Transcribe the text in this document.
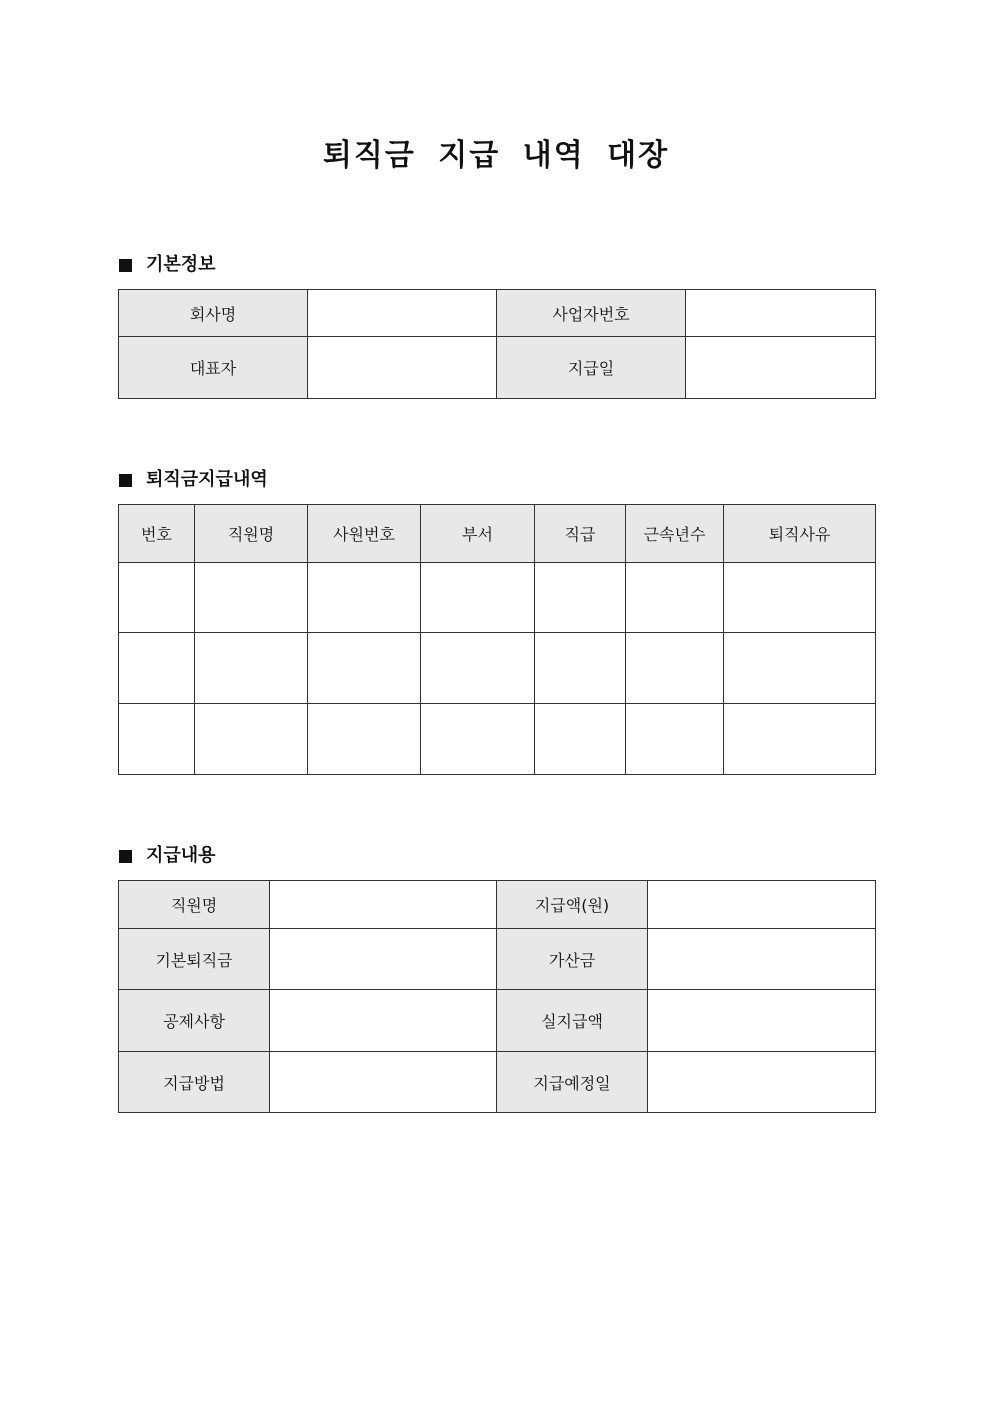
퇴직금 지급 내역 대장
기본정보
회사명		사업자번호	
대표자		지급일	
퇴직금지급내역
번호	직원명	사원번호	부서	직급	근속년수	퇴직사유

지급내용
직원명		지급액(원)	
기본퇴직금		가산금	
공제사항		실지급액	
지급방법		지급예정일	
